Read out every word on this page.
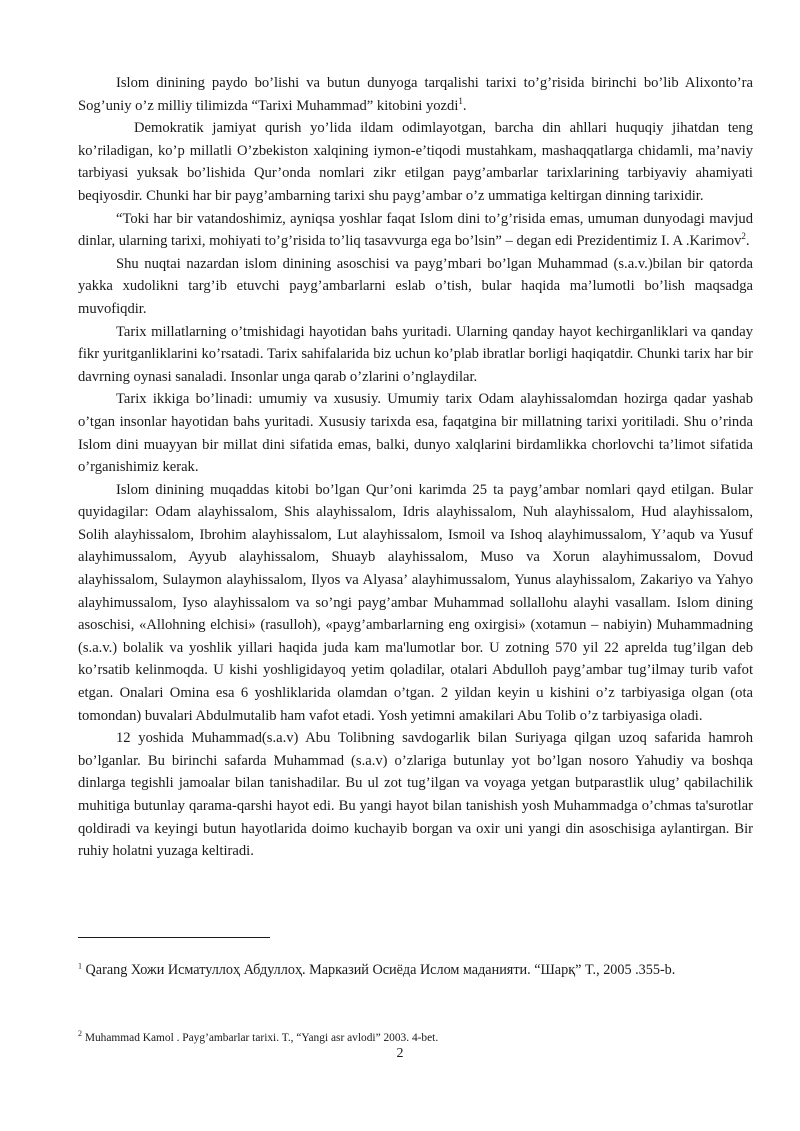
Islom dinining paydo bo’lishi va butun dunyoga tarqalishi tarixi to’g’risida birinchi bo’lib Alixonto’ra Sog’uniy o’z milliy tilimizda “Tarixi Muhammad” kitobini yozdi$^1$.

Demokratik jamiyat qurish yo’lida ildam odimlayotgan, barcha din ahllari huquqiy jihatdan teng ko’riladigan, ko’p millatli O’zbekiston xalqining iymon-e’tiqodi mustahkam, mashaqqatlarga chidamli, ma’naviy tarbiyasi yuksak bo’lishida Qur’onda nomlari zikr etilgan payg’ambarlar tarixlarining tarbiyaviy ahamiyati beqiyosdir. Chunki har bir payg’ambarning tarixi shu payg’ambar o’z ummatiga keltirgan dinning tarixidir.

“Toki har bir vatandoshimiz, ayniqsa yoshlar faqat Islom dini to’g’risida emas, umuman dunyodagi mavjud dinlar, ularning tarixi, mohiyati to’g’risida to’liq tasavvurga ega bo’lsin” – degan edi Prezidentimiz I. A .Karimov$^2$.

Shu nuqtai nazardan islom dinining asoschisi va payg’mbari bo’lgan Muhammad (s.a.v.)bilan bir qatorda yakka xudolikni targ’ib etuvchi payg’ambarlarni eslab o’tish, bular haqida ma’lumotli bo’lish maqsadga muvofiqdir.

Tarix millatlarning o’tmishidagi hayotidan bahs yuritadi. Ularning qanday hayot kechirganliklari va qanday fikr yuritganliklarini ko’rsatadi. Tarix sahifalarida biz uchun ko’plab ibratlar borligi haqiqatdir. Chunki tarix har bir davrning oynasi sanaladi. Insonlar unga qarab o’zlarini o’nglaydilar.

Tarix ikkiga bo’linadi: umumiy va xususiy. Umumiy tarix Odam alayhissalomdan hozirga qadar yashab o’tgan insonlar hayotidan bahs yuritadi. Xususiy tarixda esa, faqatgina bir millatning tarixi yoritiladi. Shu o’rinda Islom dini muayyan bir millat dini sifatida emas, balki, dunyo xalqlarini birdamlikka chorlovchi ta’limot sifatida o’rganishimiz kerak.

Islom dinining muqaddas kitobi bo’lgan Qur’oni karimda 25 ta payg’ambar nomlari qayd etilgan. Bular quyidagilar: Odam alayhissalom, Shis alayhissalom, Idris alayhissalom, Nuh alayhissalom, Hud alayhissalom, Solih alayhissalom, Ibrohim alayhissalom, Lut alayhissalom, Ismoil va Ishoq alayhimussalom, Y’aqub va Yusuf alayhimussalom, Ayyub alayhissalom, Shuayb alayhissalom, Muso va Xorun alayhimussalom, Dovud alayhissalom, Sulaymon alayhissalom, Ilyos va Alyasa’ alayhimussalom, Yunus alayhissalom, Zakariyo va Yahyo alayhimussalom, Iyso alayhissalom va so’ngi payg’ambar Muhammad sollallohu alayhi vasallam. Islom dining asoschisi, «Allohning elchisi» (rasulloh), «payg’ambarlarning eng oxirgisi» (xotamun – nabiyin) Muhammadning (s.a.v.) bolalik va yoshlik yillari haqida juda kam ma'lumotlar bor. U zotning 570 yil 22 aprelda tug’ilgan deb ko’rsatib kelinmoqda. U kishi yoshligidayoq yetim qoladilar, otalari Abdulloh payg’ambar tug’ilmay turib vafot etgan. Onalari Omina esa 6 yoshliklarida olamdan o’tgan. 2 yildan keyin u kishini o’z tarbiyasiga olgan (ota tomondan) buvalari Abdulmutalib ham vafot etadi. Yosh yetimni amakilari Abu Tolib o’z tarbiyasiga oladi.

12 yoshida Muhammad(s.a.v) Abu Tolibning savdogarlik bilan Suriyaga qilgan uzoq safarida hamroh bo’lganlar. Bu birinchi safarda Muhammad (s.a.v) o’zlariga butunlay yot bo’lgan nosoro Yahudiy va boshqa dinlarga tegishli jamoalar bilan tanishadilar. Bu ul zot tug’ilgan va voyaga yetgan butparastlik ulug’ qabilachilik muhitiga butunlay qarama-qarshi hayot edi. Bu yangi hayot bilan tanishish yosh Muhammadga o’chmas ta'surotlar qoldiradi va keyingi butun hayotlarida doimo kuchayib borgan va oxir uni yangi din asoschisiga aylantirgan. Bir ruhiy holatni yuzaga keltiradi.

$^1$ Qarang Хожи Исматуллоҳ Абдуллоҳ. Марказий Осиёда Ислом маданияти. “Шарқ” T., 2005 .355-b.
$^2$ Muhammad Kamol . Payg’ambarlar tarixi. T., “Yangi asr avlodi” 2003. 4-bet.
2
